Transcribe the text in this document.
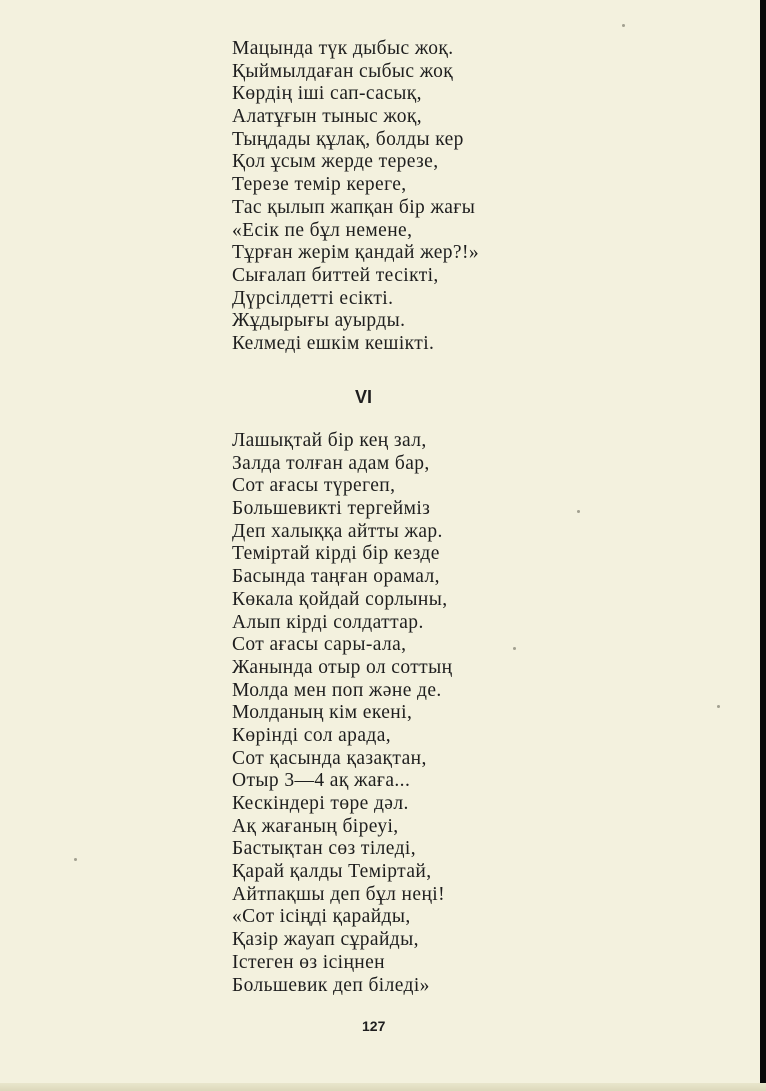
Мaцында түк дыбыс жоқ.
Қыймылдаған сыбыс жоқ
Көрдің ішi сап-сасық,
Алатұғын тыныс жоқ,
Тыңдады құлақ, болды кер
Қол ұсым жерде терезе,
Терезе темір кереге,
Тас қылып жапқан бір жағы
«Есік пе бұл немене,
Тұрған жерім қандай жер?!»
Сығалап биттей тесікті,
Дүрсілдетті есікті.
Жұдырығы ауырды.
Келмеді ешкім кешікті.
VI
Лашықтай бір кең зал,
Залда толған адам бар,
Сот ағасы түрегеп,
Большевикті тергеймiз
Деп халыққа айтты жар.
Темiртай кірді бір кезде
Басында таңған орамал,
Көкала қойдай сорлыны,
Алып кірді солдаттар.
Сот ағасы сары-ала,
Жанында отыр ол соттың
Молда мен поп және де.
Молданың кім екені,
Көрінді сол арада,
Сот қасында қазақтан,
Отыр 3—4 ақ жаға...
Кескіндері төре дәл.
Ақ жағаның біреуі,
Бастықтан сөз тіледі,
Қарай қалды Темiртай,
Айтпақшы деп бұл неңі!
«Сот ісіңді қарайды,
Қазір жауап сұрайды,
Істеген өз ісіңнен
Большевик деп біледі»
127
